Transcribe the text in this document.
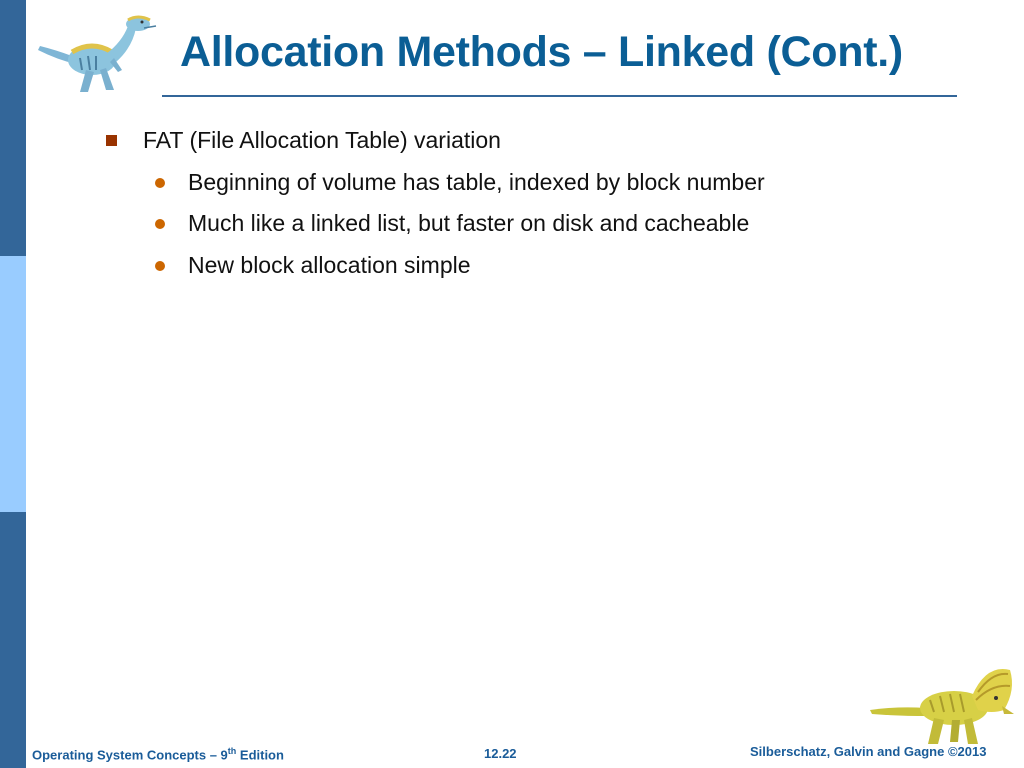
Allocation Methods – Linked (Cont.)
FAT (File Allocation Table) variation
Beginning of volume has table, indexed by block number
Much like a linked list, but faster on disk and cacheable
New block allocation simple
Operating System Concepts – 9th Edition	12.22	Silberschatz, Galvin and Gagne ©2013
